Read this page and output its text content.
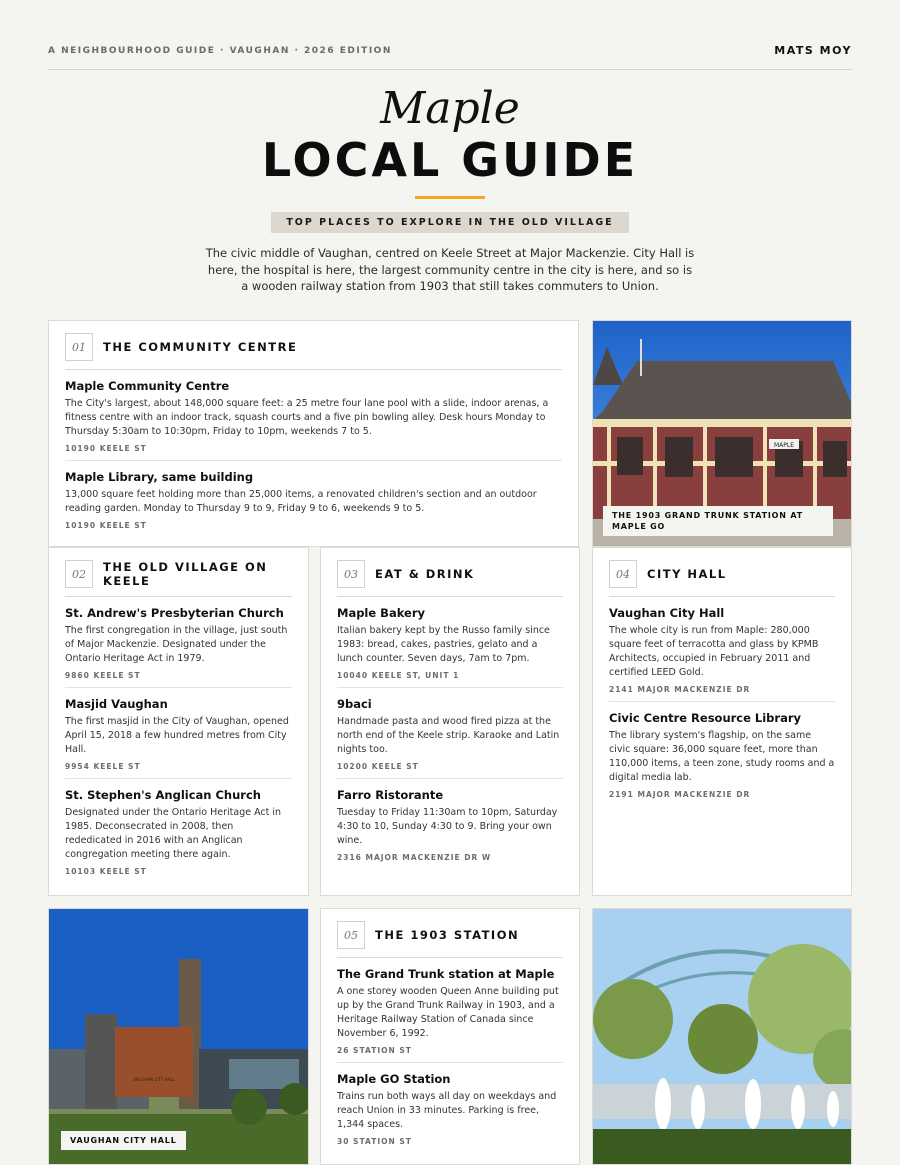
A NEIGHBOURHOOD GUIDE · VAUGHAN · 2026 EDITION	MATS MOY
Maple
LOCAL GUIDE
TOP PLACES TO EXPLORE IN THE OLD VILLAGE

The civic middle of Vaughan, centred on Keele Street at Major Mackenzie. City Hall is here, the hospital is here, the largest community centre in the city is here, and so is a wooden railway station from 1903 that still takes commuters to Union.

01	THE COMMUNITY CENTRE
Maple Community Centre
The City's largest, about 148,000 square feet: a 25 metre four lane pool with a slide, indoor arenas, a fitness centre with an indoor track, squash courts and a five pin bowling alley. Desk hours Monday to Thursday 5:30am to 10:30pm, Friday to 10pm, weekends 7 to 5.
10190 KEELE ST
Maple Library, same building
13,000 square feet holding more than 25,000 items, a renovated children's section and an outdoor reading garden. Monday to Thursday 9 to 9, Friday 9 to 6, weekends 9 to 5.
10190 KEELE ST
MAPLE
THE 1903 GRAND TRUNK STATION AT MAPLE GO
02	THE OLD VILLAGE ON KEELE
St. Andrew's Presbyterian Church
The first congregation in the village, just south of Major Mackenzie. Designated under the Ontario Heritage Act in 1979.
9860 KEELE ST
Masjid Vaughan
The first masjid in the City of Vaughan, opened April 15, 2018 a few hundred metres from City Hall.
9954 KEELE ST
St. Stephen's Anglican Church
Designated under the Ontario Heritage Act in 1985. Deconsecrated in 2008, then rededicated in 2016 with an Anglican congregation meeting there again.
10103 KEELE ST
03	EAT & DRINK
Maple Bakery
Italian bakery kept by the Russo family since 1983: bread, cakes, pastries, gelato and a lunch counter. Seven days, 7am to 7pm.
10040 KEELE ST, UNIT 1
9baci
Handmade pasta and wood fired pizza at the north end of the Keele strip. Karaoke and Latin nights too.
10200 KEELE ST
Farro Ristorante
Tuesday to Friday 11:30am to 10pm, Saturday 4:30 to 10, Sunday 4:30 to 9. Bring your own wine.
2316 MAJOR MACKENZIE DR W
04	CITY HALL
Vaughan City Hall
The whole city is run from Maple: 280,000 square feet of terracotta and glass by KPMB Architects, occupied in February 2011 and certified LEED Gold.
2141 MAJOR MACKENZIE DR
Civic Centre Resource Library
The library system's flagship, on the same civic square: 36,000 square feet, more than 110,000 items, a teen zone, study rooms and a digital media lab.
2191 MAJOR MACKENZIE DR
VAUGHAN CITY HALL
VAUGHAN CITY HALL
05	THE 1903 STATION
The Grand Trunk station at Maple
A one storey wooden Queen Anne building put up by the Grand Trunk Railway in 1903, and a Heritage Railway Station of Canada since November 6, 1992.
26 STATION ST
Maple GO Station
Trains run both ways all day on weekdays and reach Union in 33 minutes. Parking is free, 1,344 spaces.
30 STATION ST
